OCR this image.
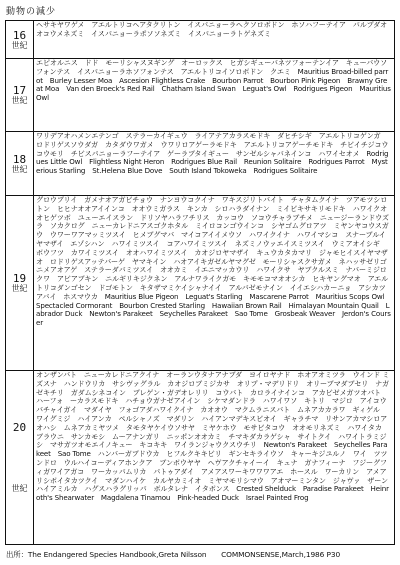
動物の減少
16
世紀
ヘサキヤワゲメ　アエルトリコヘアタクリトン　イスパニョーラヘクソロボドン　ホソハフーテイア　パルプダオオコウメネズミ　イスパニョーラポソソネズミ　イスパニョーラトゲネズミ
17
世紀
エピオルニス　ドド　モーリシャスヌギング　オーロックス　ヒガシギューバネツフォーテンイア　キューバウソフォンテス　イスパニョーラホソフォンテス　アエルトリコイソロボドン　クエミ　Mauritius Broad-billed parrot　Burley Lesser Moa　Ascesion Flightless Crake　Bourbon Parrot　Bourbon Pink Pigeon　Brawny Great Moa　Van den Broeck's Red Rail　Chatham Island Swan　Leguat's Owl　Rodrigues Pigeon　Mauritius Owl
18
世紀
ワリデアオハメンエテンゴ　ステラーカイギュウ　ライアテアカラスモドキ　ダヒチシギ　アエルトリコゲンガ　ロドリゲスソウダガ　カタダウワガメ　ウワリロアゲーラモドキ　アエルトリコアゲーチモドキ　チビイチジコウコウモリ　チビスパニョーラフーテイア　ゲーラブタイギュー　サンゼルシャバネインコ　ハワイセオメ　Rodrigues Little Owl　Flightless Night Heron　Rodrigues Blue Rail　Reunion Solitaire　Rodrigues Parrot　Mysterious Starling　St.Helena Blue Dove　South Island Tokoweka　Rodrigues Solitaire
19
世紀
グロウブリイ　ガメナオアガビチョウ　ナンヨウコクイナ　ワキスジリトバイト　チャタムクイナ　ツアモツシロトン　ヒヒナオオアイインコ　オオウミガラス　キンカ　シロハラダイナン　ミイビキサキリモドキ　ハワイクオオヒゲツボ　ユューエイスラン　ドリソヤハラフチリス　カッコウ　ソコウチャラブチメ　ニュージーランドウズラ　ソカクログ　ニューカレドニアスゴクホタル　ミイロコンゴウインコ　シヤゴムグロアツ　ミヤンヤコウスガウ　ウワーワアマッミツスイ　ヒメブグマバ　マイコアイイメウソ　ハワイクイナ　ハワイマシコ　スナーブルイヤマザイ　エゾシハン　ハワイミツスイ　コアハワイミツスイ　ネズミノウァエイスミツスイ　ウミアオイシギ　ボウフツ　カワイミツスイ　オオハワイミツスイ　カオジロヤマザイ　キュウカタカマリ　ジャモヒイスイヤマザオ　ロドリゲスアッテバーゲ　ヤマキイン　ハオアイキガゼルヤマグゼ　モーリシャスクサガメ　ネハッサゼリゴニメアオアゲ　ステラーダバミツスイ　オオカミ　イエニマッカウリ　ハワイクサ　ヤブクルスミ　ナバーミジロクワ　アビアブキン　ニルギリキジクネン　アルナワライクガモ　キモモコマオオシカ　ヒキヤングマオ　アエルトリコダンゴセン　ドゴモトン　キタザマミケイシャナイイ　アルバゼモナイン　イイエシハカーニョ　アシカツアバイ　ホスマウカ　Mauritius Blue Pigeon　Leguat's Starling　Mascarene Parrot　Mauritius Scops Owl　Spectacled Cormorant　Bourbon Crested Starling　Hawaiian Brown Rail　Himalayan Mountain Quail　Labrador Duck　Newton's Parakeet　Seychelles Parakeet　Sao Tome　Grosbeak Weaver　Jerdon's Courser
20
世紀
オンザンバト　ニューカレドニアクイナ　オーランウタナアナブダ　ヨイロヤナド　ホオアオミツラ　ウインド ミズスナ　ハンドウリカ　サシヴァグラル　カオジロブミジカサ　オリプ・マデリドリ　オリーブマダブセリ　ナガゼキチリ　ガダムシネコイン　ブレゲン・ガデオレリリ　コウバト　カロライナインコ　アカビゼメガツオバト　ハーフォ　ーカラスモドキ　ハチョウガナゼアイイン　シケマダンドラ　ハワイワソ　キトリ　マジロ　アイコウバチャイガイ　マダイヤ　フォゴアダハワイクイナ　カオオウ　マクムラニスバト　ムネアカカラワ　ギィゲル　ワイグミジ　ハイアンカ　ペルシャノズ　マダリン　ハイアンマデキスビオイ　ギャラチマ　リサンアカマシロアオハシ　ムネアカミヤツメ　タモタヤケイウソサヤ　ミヤケホウ　モサビタコウ　オオモリネズミ　ハワイタカ　ブラウニ　サンカモシ　ムーアナンガリ　ニッポンオオカミ　チマキダカラゲシャ　サイトクイ　ハワイトラミジシ　マサガツオモエイノキュー　キコキキ　ワイランジャウクスウチリ　Newton's Parakeet　Seychelles Parakeet　Sao Tome　ハンバーガブドウカ　ヒフルクキキビリ　ギンセキライウソ　キャーキジユルノ　ワイ　ツツンドロ　ウルハイコーディアホンクア　ブンボウヤヤ　ヘヴアクチャイーイ　キュナ　ガナフィーナ　フジーグフィガワイアガコ　ワーカッパムリカ　パトゥアダイ　アメアスワーキワワワアエ　ホースル　ワーカリン　アメアリシボイタカツクイ　マダンハイケ　カルヤカミイオ　ミヤマモリシマウ　アオマーミンタン　ジャヴァ　ザーンハイアミルカ　ハグスハラグリッパ　ボルタレナ　イタボンス　Crested Shelduck　Paradise Parakeet　Heinroth's Shearwater　Magdalena Tinamou　Pink-headed Duck　Israel Painted Frog
出所：The Endangered Species Handbook,Greta Nilsson　　COMMONSENSE,March,1986 P30
